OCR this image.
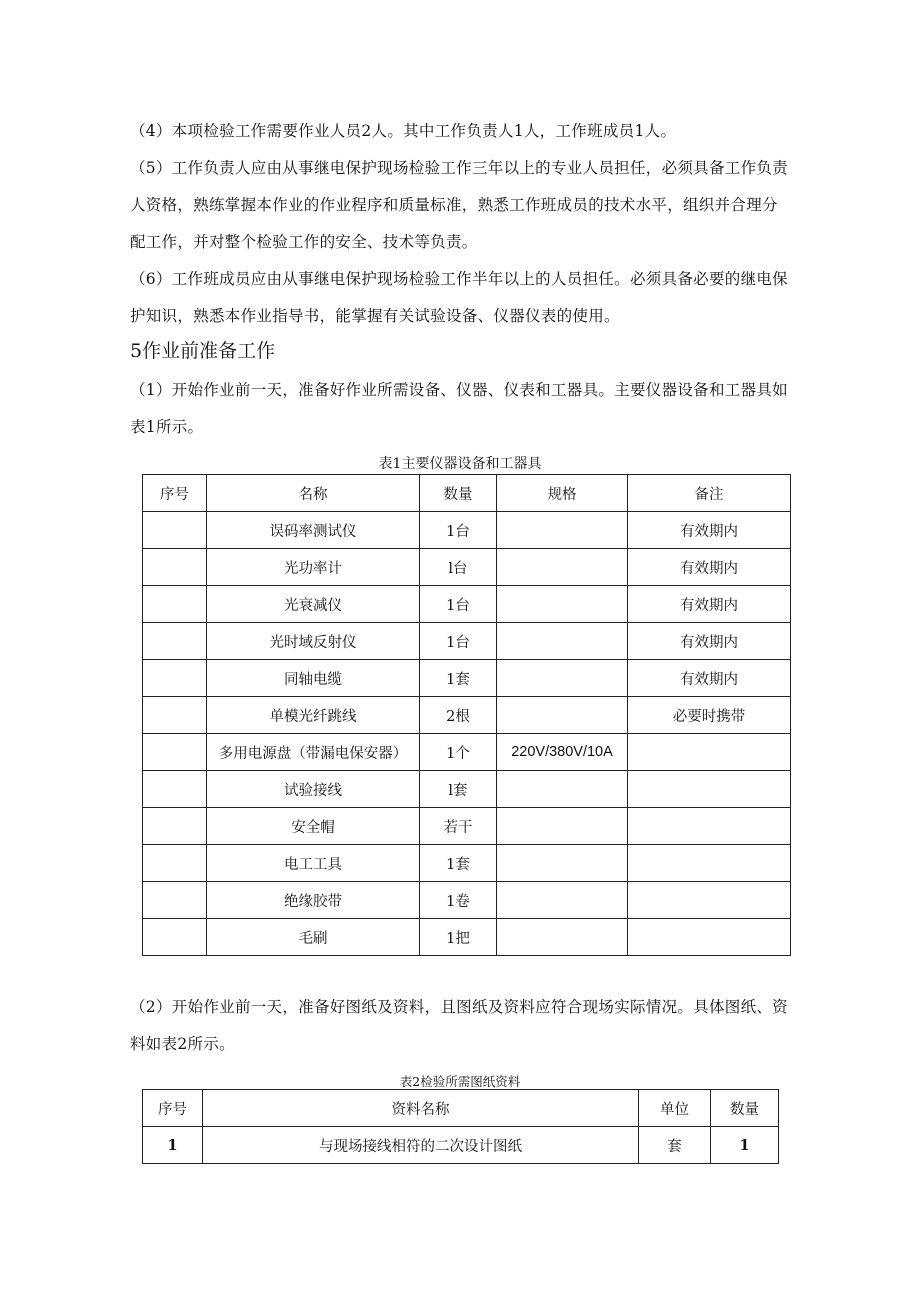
（4）本项检验工作需要作业人员2人。其中工作负责人1人，工作班成员1人。
（5）工作负责人应由从事继电保护现场检验工作三年以上的专业人员担任，必须具备工作负责人资格，熟练掌握本作业的作业程序和质量标准，熟悉工作班成员的技术水平，组织并合理分配工作，并对整个检验工作的安全、技术等负责。
（6）工作班成员应由从事继电保护现场检验工作半年以上的人员担任。必须具备必要的继电保护知识，熟悉本作业指导书，能掌握有关试验设备、仪器仪表的使用。
5作业前准备工作
（1）开始作业前一天，准备好作业所需设备、仪器、仪表和工器具。主要仪器设备和工器具如表1所示。
表1主要仪器设备和工器具
序号	名称	数量	规格	备注
	误码率测试仪	1台		有效期内
	光功率计	l台		有效期内
	光衰减仪	1台		有效期内
	光时域反射仪	1台		有效期内
	同轴电缆	1套		有效期内
	单模光纤跳线	2根		必要时携带
	多用电源盘（带漏电保安器）	1个	220V/380V/10A	
	试验接线	l套		
	安全帽	若干		
	电工工具	1套		
	绝缘胶带	1卷		
	毛刷	1把		
（2）开始作业前一天，准备好图纸及资料，且图纸及资料应符合现场实际情况。具体图纸、资料如表2所示。
表2检验所需图纸资料
序号	资料名称	单位	数量
1	与现场接线相符的二次设计图纸	套	1
